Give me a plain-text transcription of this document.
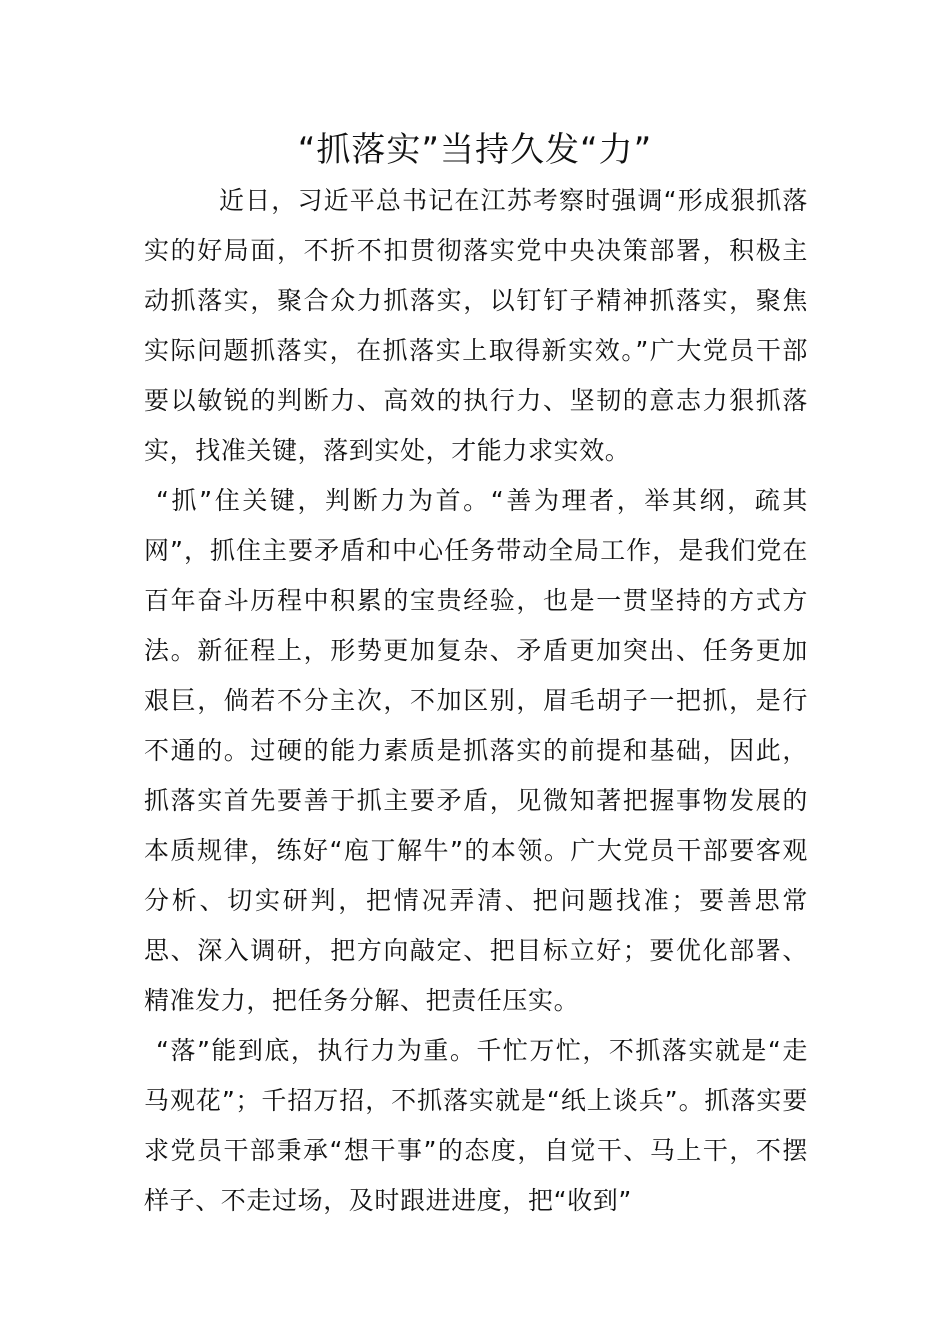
“抓落实”当持久发“力”

近日，习近平总书记在江苏考察时强调“形成狠抓落实的好局面，不折不扣贯彻落实党中央决策部署，积极主动抓落实，聚合众力抓落实，以钉钉子精神抓落实，聚焦实际问题抓落实，在抓落实上取得新实效。”广大党员干部要以敏锐的判断力、高效的执行力、坚韧的意志力狠抓落实，找准关键，落到实处，才能力求实效。

“抓”住关键，判断力为首。“善为理者，举其纲，疏其网”，抓住主要矛盾和中心任务带动全局工作，是我们党在百年奋斗历程中积累的宝贵经验，也是一贯坚持的方式方法。新征程上，形势更加复杂、矛盾更加突出、任务更加艰巨，倘若不分主次，不加区别，眉毛胡子一把抓，是行不通的。过硬的能力素质是抓落实的前提和基础，因此，抓落实首先要善于抓主要矛盾，见微知著把握事物发展的本质规律，练好“庖丁解牛”的本领。广大党员干部要客观分析、切实研判，把情况弄清、把问题找准；要善思常思、深入调研，把方向敲定、把目标立好；要优化部署、精准发力，把任务分解、把责任压实。

“落”能到底，执行力为重。千忙万忙，不抓落实就是“走马观花”；千招万招，不抓落实就是“纸上谈兵”。抓落实要求党员干部秉承“想干事”的态度，自觉干、马上干，不摆样子、不走过场，及时跟进进度，把“收到”
